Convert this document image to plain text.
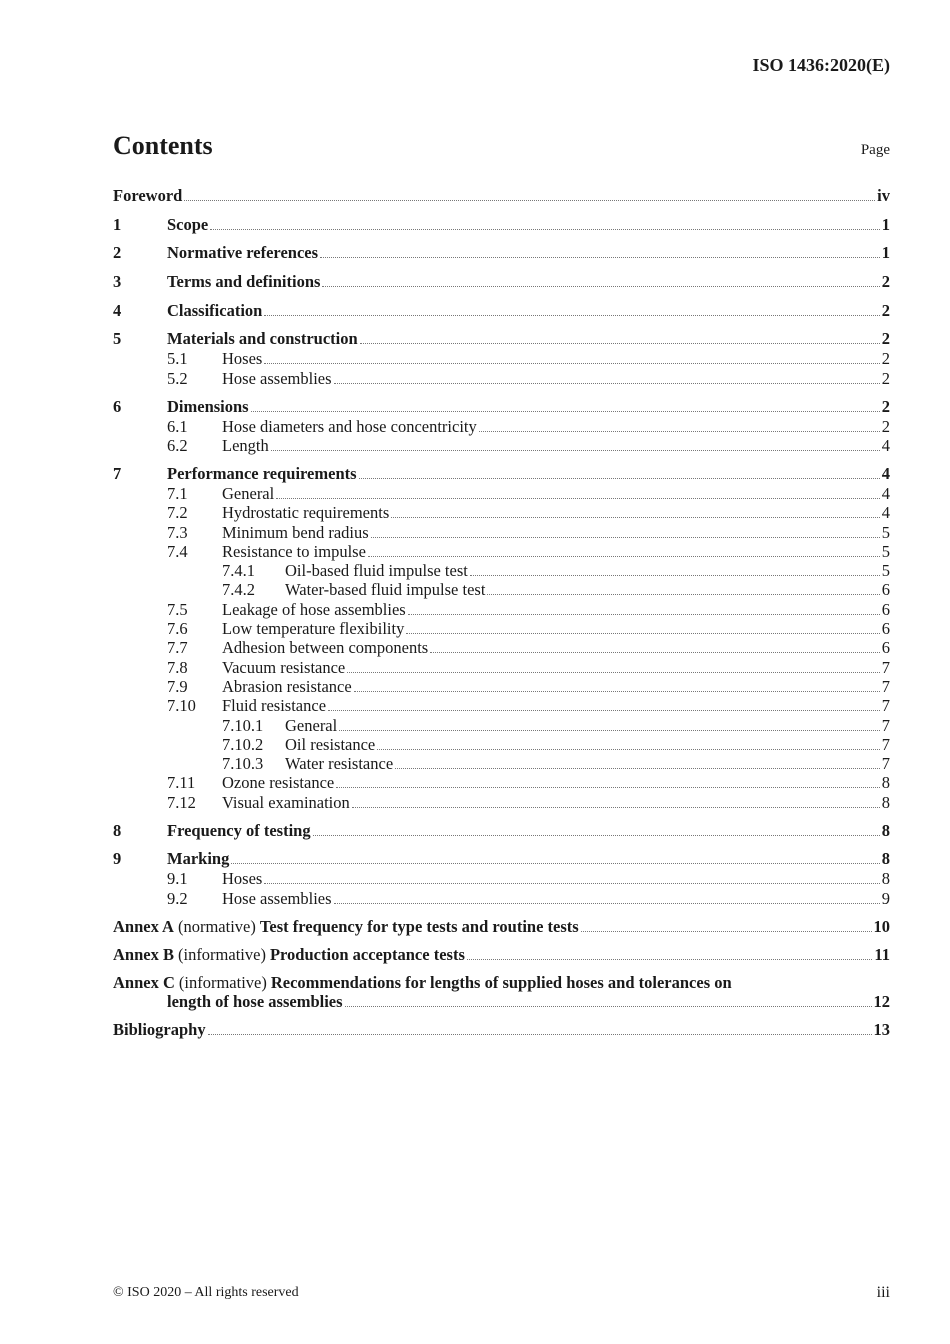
ISO 1436:2020(E)
Contents	Page
Foreword	iv
1	Scope	1
2	Normative references	1
3	Terms and definitions	2
4	Classification	2
5	Materials and construction	2
5.1	Hoses	2
5.2	Hose assemblies	2
6	Dimensions	2
6.1	Hose diameters and hose concentricity	2
6.2	Length	4
7	Performance requirements	4
7.1	General	4
7.2	Hydrostatic requirements	4
7.3	Minimum bend radius	5
7.4	Resistance to impulse	5
7.4.1	Oil-based fluid impulse test	5
7.4.2	Water-based fluid impulse test	6
7.5	Leakage of hose assemblies	6
7.6	Low temperature flexibility	6
7.7	Adhesion between components	6
7.8	Vacuum resistance	7
7.9	Abrasion resistance	7
7.10	Fluid resistance	7
7.10.1	General	7
7.10.2	Oil resistance	7
7.10.3	Water resistance	7
7.11	Ozone resistance	8
7.12	Visual examination	8
8	Frequency of testing	8
9	Marking	8
9.1	Hoses	8
9.2	Hose assemblies	9
Annex A (normative) Test frequency for type tests and routine tests	10
Annex B (informative) Production acceptance tests	11
Annex C (informative) Recommendations for lengths of supplied hoses and tolerances on
length of hose assemblies	12
Bibliography	13
© ISO 2020 – All rights reserved	iii
